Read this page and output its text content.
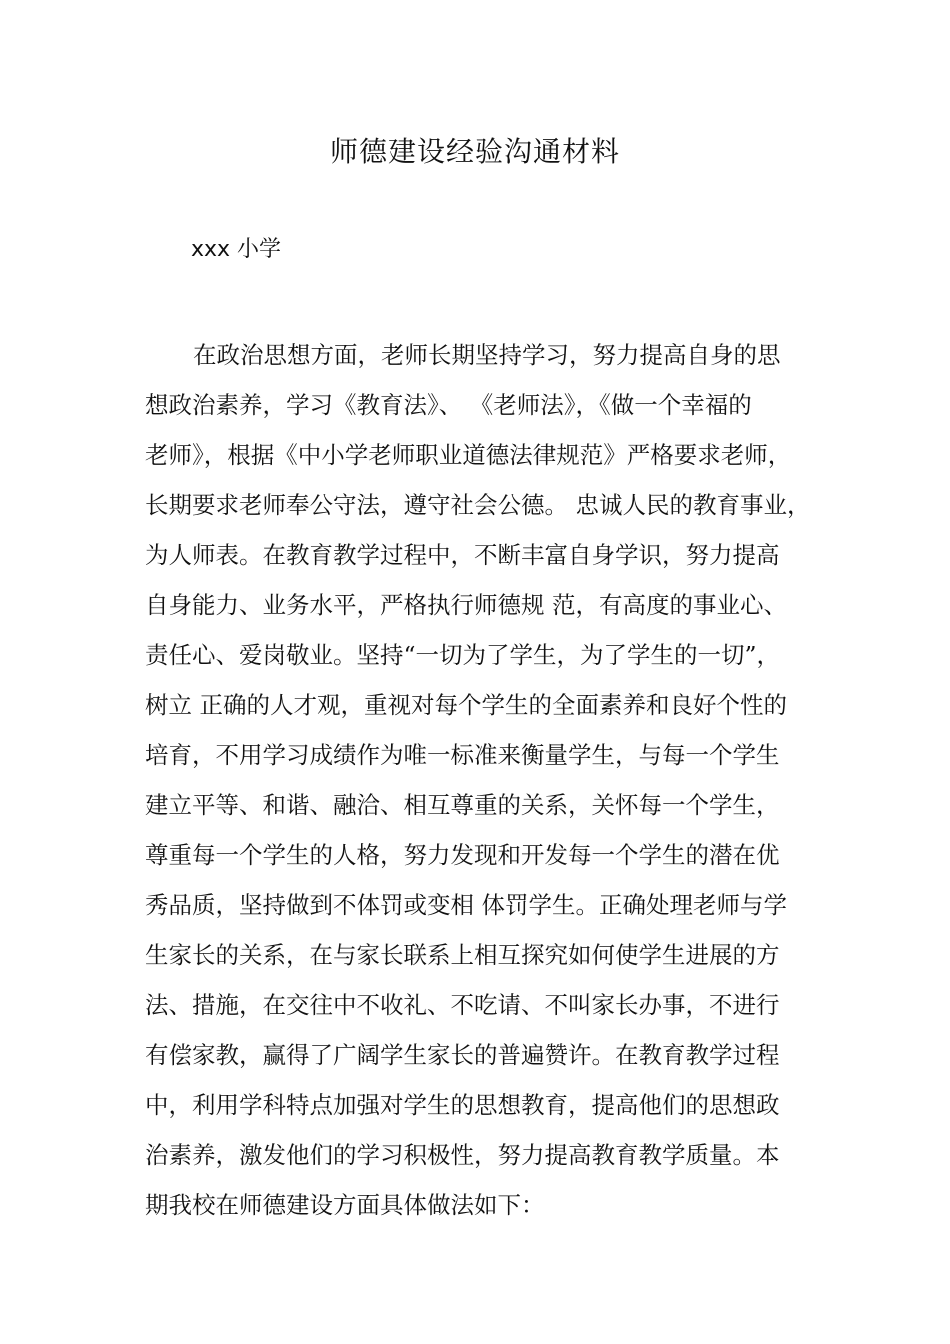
师德建设经验沟通材料

xxx 小学

在政治思想方面，老师长期坚持学习，努力提高自身的思
想政治素养，学习《教育法》、 《老师法》，《做一个幸福的
老师》，根据《中小学老师职业道德法律规范》严格要求老师，
长期要求老师奉公守法，遵守社会公德。 忠诚人民的教育事业，
为人师表。在教育教学过程中，不断丰富自身学识，努力提高
自身能力、业务水平，严格执行师德规 范，有高度的事业心、
责任心、爱岗敬业。坚持“一切为了学生，为了学生的一切”，
树立 正确的人才观，重视对每个学生的全面素养和良好个性的
培育，不用学习成绩作为唯一标准来衡量学生，与每一个学生
建立平等、和谐、融洽、相互尊重的关系，关怀每一个学生，
尊重每一个学生的人格，努力发现和开发每一个学生的潜在优
秀品质，坚持做到不体罚或变相 体罚学生。正确处理老师与学
生家长的关系，在与家长联系上相互探究如何使学生进展的方
法、措施，在交往中不收礼、不吃请、不叫家长办事，不进行
有偿家教，赢得了广阔学生家长的普遍赞许。在教育教学过程
中，利用学科特点加强对学生的思想教育，提高他们的思想政
治素养，激发他们的学习积极性，努力提高教育教学质量。本
期我校在师德建设方面具体做法如下：
